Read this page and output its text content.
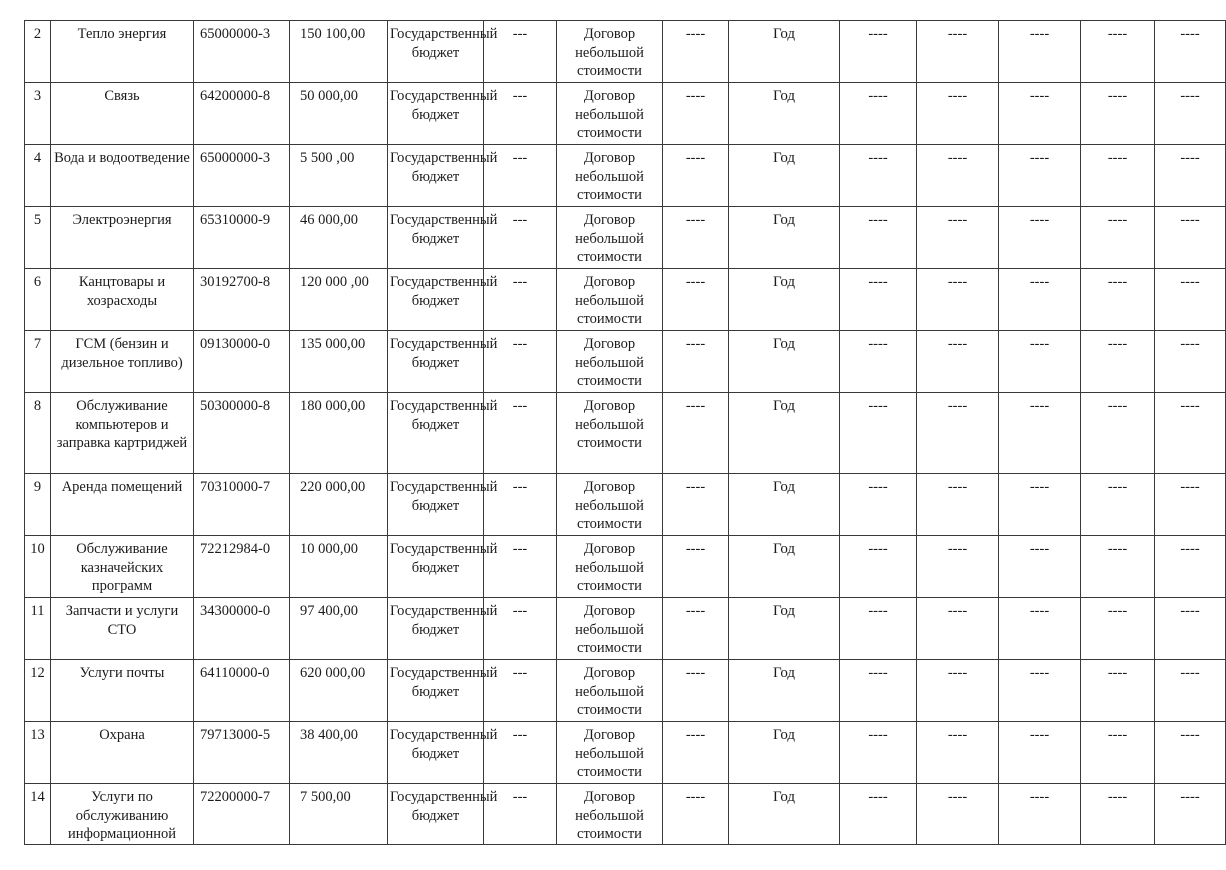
2	Тепло энергия	65000000-3	150 100,00	Государственный бюджет	---	Договор небольшой стоимости	----	Год	----	----	----	----	----
3	Связь	64200000-8	50 000,00	Государственный бюджет	---	Договор небольшой стоимости	----	Год	----	----	----	----	----
4	Вода и водоотведение	65000000-3	5 500 ,00	Государственный бюджет	---	Договор небольшой стоимости	----	Год	----	----	----	----	----
5	Электроэнергия	65310000-9	46 000,00	Государственный бюджет	---	Договор небольшой стоимости	----	Год	----	----	----	----	----
6	Канцтовары и хозрасходы	30192700-8	120 000 ,00	Государственный бюджет	---	Договор небольшой стоимости	----	Год	----	----	----	----	----
7	ГСМ (бензин и дизельное топливо)	09130000-0	135 000,00	Государственный бюджет	---	Договор небольшой стоимости	----	Год	----	----	----	----	----
8	Обслуживание компьютеров и заправка картриджей	50300000-8	180 000,00	Государственный бюджет	---	Договор небольшой стоимости	----	Год	----	----	----	----	----
9	Аренда помещений	70310000-7	220 000,00	Государственный бюджет	---	Договор небольшой стоимости	----	Год	----	----	----	----	----
10	Обслуживание казначейских программ	72212984-0	10 000,00	Государственный бюджет	---	Договор небольшой стоимости	----	Год	----	----	----	----	----
11	Запчасти и услуги СТО	34300000-0	97 400,00	Государственный бюджет	---	Договор небольшой стоимости	----	Год	----	----	----	----	----
12	Услуги почты	64110000-0	620 000,00	Государственный бюджет	---	Договор небольшой стоимости	----	Год	----	----	----	----	----
13	Охрана	79713000-5	38 400,00	Государственный бюджет	---	Договор небольшой стоимости	----	Год	----	----	----	----	----
14	Услуги по обслуживанию информационной	72200000-7	7 500,00	Государственный бюджет	---	Договор небольшой стоимости	----	Год	----	----	----	----	----
